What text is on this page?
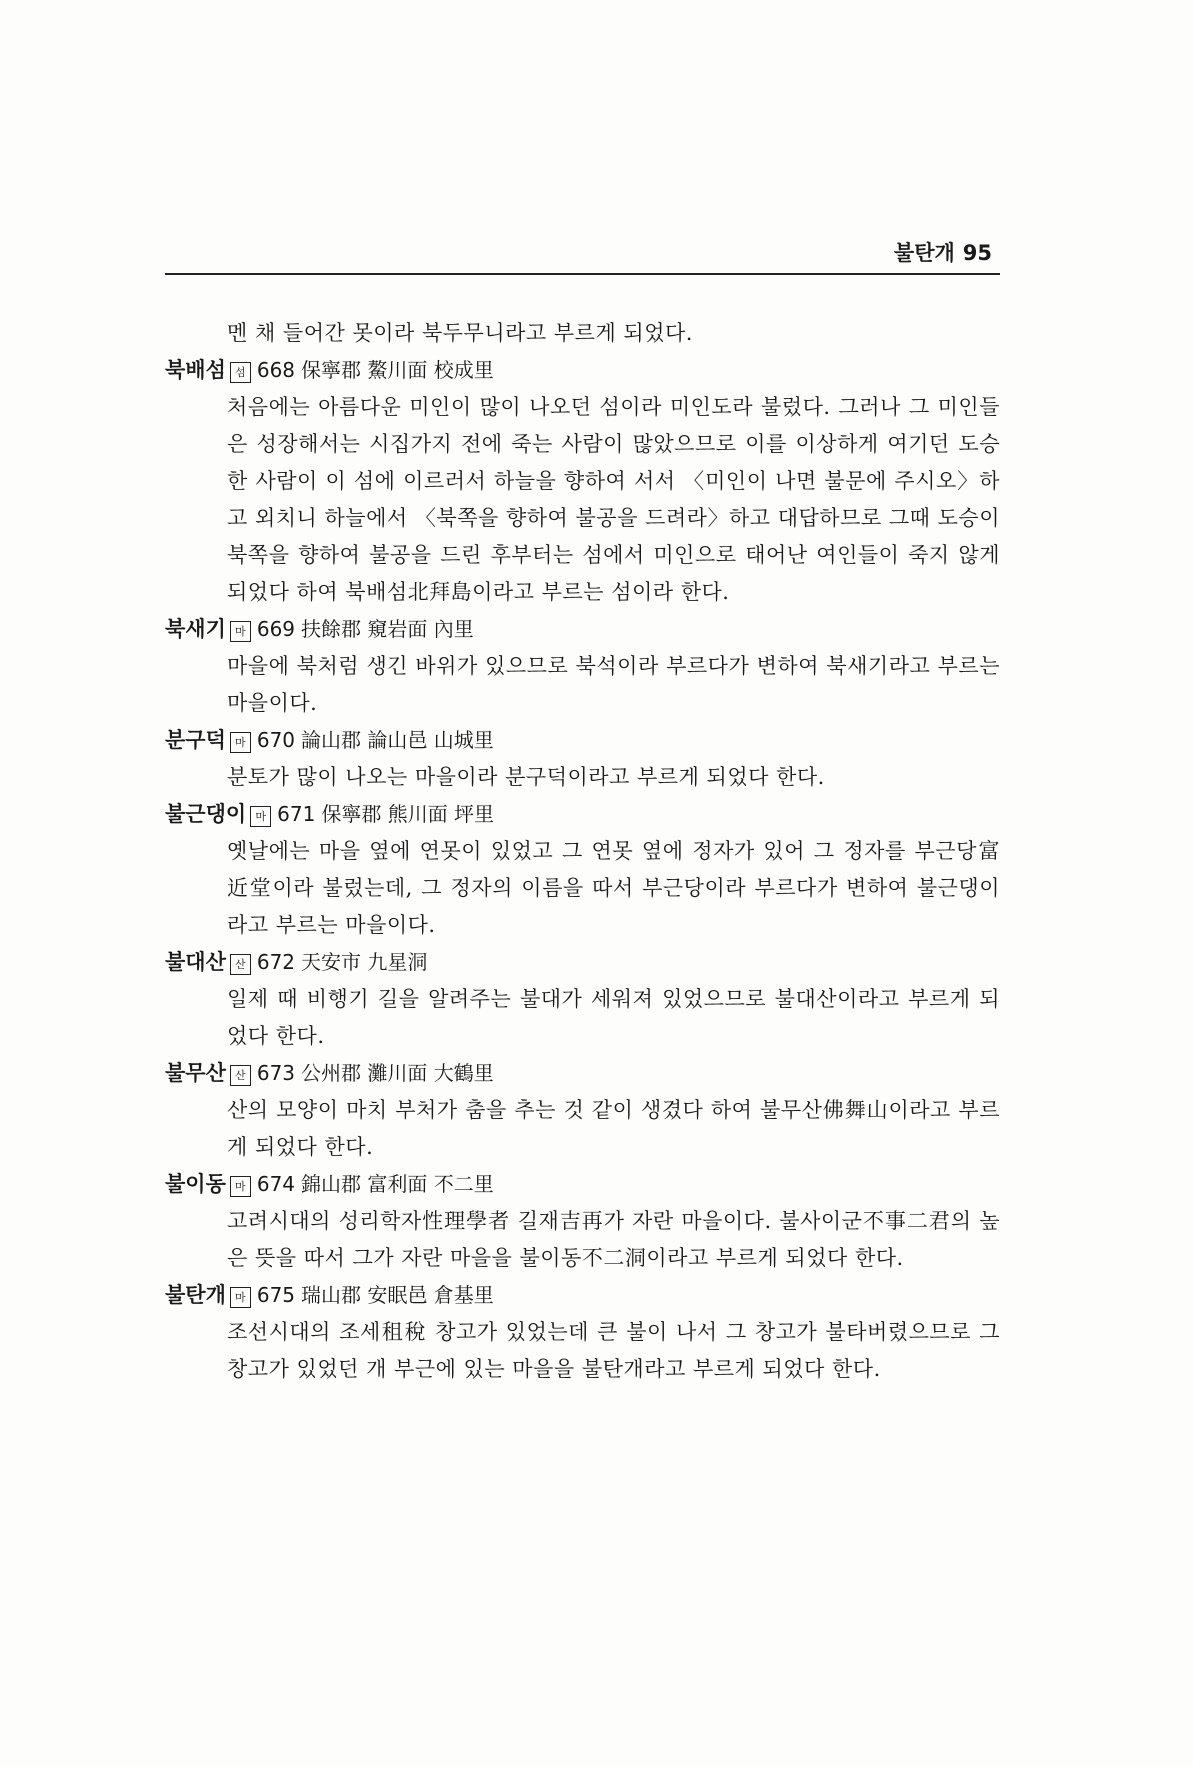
불탄개 95

멘 채 들어간 못이라 북두무니라고 부르게 되었다.

북배섬 섬 668 保寧郡 鰲川面 校成里

처음에는 아름다운 미인이 많이 나오던 섬이라 미인도라 불렀다. 그러나 그 미인들은 성장해서는 시집가지 전에 죽는 사람이 많았으므로 이를 이상하게 여기던 도승 한 사람이 이 섬에 이르러서 하늘을 향하여 서서 〈미인이 나면 불문에 주시오〉하고 외치니 하늘에서 〈북쪽을 향하여 불공을 드려라〉하고 대답하므로 그때 도승이 북쪽을 향하여 불공을 드린 후부터는 섬에서 미인으로 태어난 여인들이 죽지 않게 되었다 하여 북배섬北拜島이라고 부르는 섬이라 한다.

북새기 마 669 扶餘郡 窺岩面 內里

마을에 북처럼 생긴 바위가 있으므로 북석이라 부르다가 변하여 북새기라고 부르는 마을이다.

분구덕 마 670 論山郡 論山邑 山城里

분토가 많이 나오는 마을이라 분구덕이라고 부르게 되었다 한다.

불근댕이 마 671 保寧郡 熊川面 坪里

옛날에는 마을 옆에 연못이 있었고 그 연못 옆에 정자가 있어 그 정자를 부근당富近堂이라 불렀는데, 그 정자의 이름을 따서 부근당이라 부르다가 변하여 불근댕이라고 부르는 마을이다.

불대산 산 672 天安市 九星洞

일제 때 비행기 길을 알려주는 불대가 세워져 있었으므로 불대산이라고 부르게 되었다 한다.

불무산 산 673 公州郡 灘川面 大鶴里

산의 모양이 마치 부처가 춤을 추는 것 같이 생겼다 하여 불무산佛舞山이라고 부르게 되었다 한다.

불이동 마 674 錦山郡 富利面 不二里

고려시대의 성리학자性理學者 길재吉再가 자란 마을이다. 불사이군不事二君의 높은 뜻을 따서 그가 자란 마을을 불이동不二洞이라고 부르게 되었다 한다.

불탄개 마 675 瑞山郡 安眠邑 倉基里

조선시대의 조세租稅 창고가 있었는데 큰 불이 나서 그 창고가 불타버렸으므로 그 창고가 있었던 개 부근에 있는 마을을 불탄개라고 부르게 되었다 한다.
